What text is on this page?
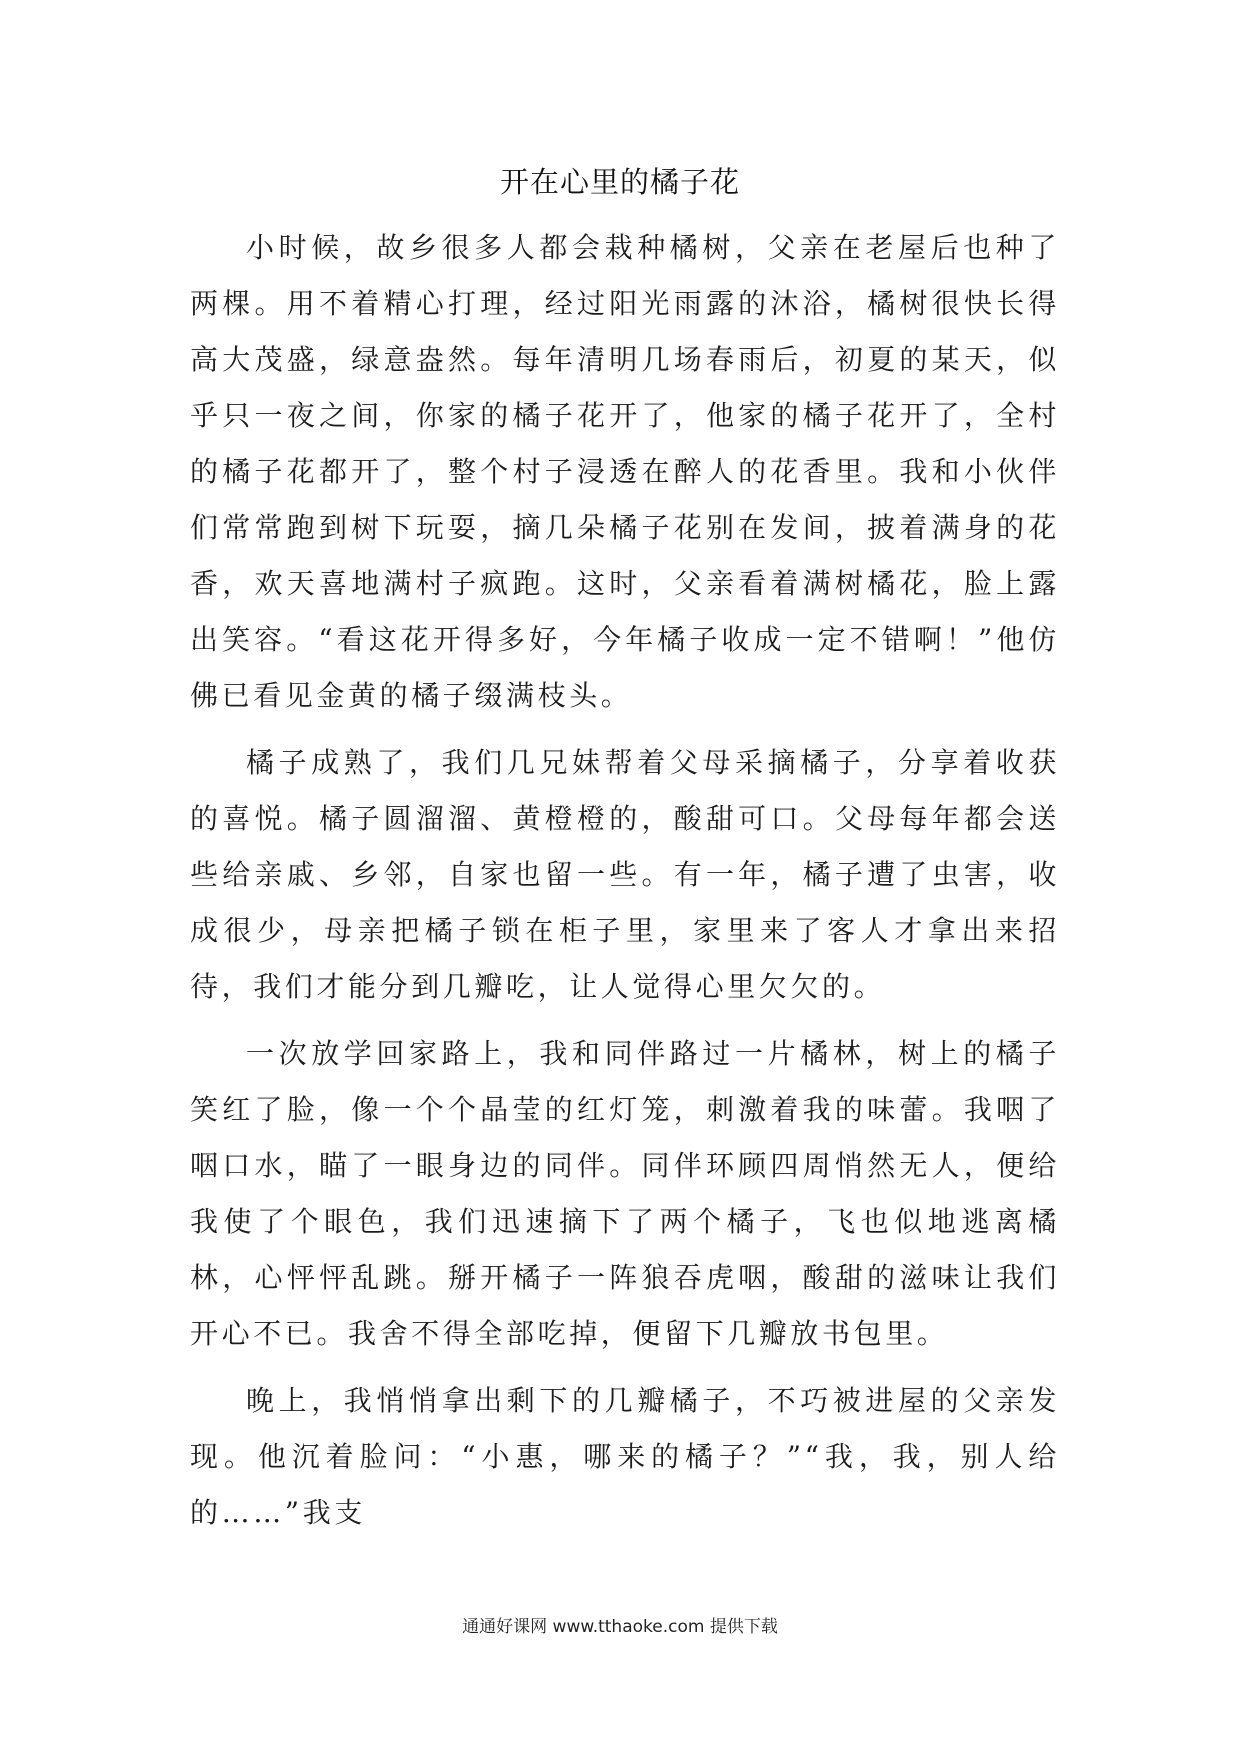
开在心里的橘子花

小时候，故乡很多人都会栽种橘树，父亲在老屋后也种了两棵。用不着精心打理，经过阳光雨露的沐浴，橘树很快长得高大茂盛，绿意盎然。每年清明几场春雨后，初夏的某天，似乎只一夜之间，你家的橘子花开了，他家的橘子花开了，全村的橘子花都开了，整个村子浸透在醉人的花香里。我和小伙伴们常常跑到树下玩耍，摘几朵橘子花别在发间，披着满身的花香，欢天喜地满村子疯跑。这时，父亲看着满树橘花，脸上露出笑容。“看这花开得多好，今年橘子收成一定不错啊！”他仿佛已看见金黄的橘子缀满枝头。

橘子成熟了，我们几兄妹帮着父母采摘橘子，分享着收获的喜悦。橘子圆溜溜、黄橙橙的，酸甜可口。父母每年都会送些给亲戚、乡邻，自家也留一些。有一年，橘子遭了虫害，收成很少，母亲把橘子锁在柜子里，家里来了客人才拿出来招待，我们才能分到几瓣吃，让人觉得心里欠欠的。

一次放学回家路上，我和同伴路过一片橘林，树上的橘子笑红了脸，像一个个晶莹的红灯笼，刺激着我的味蕾。我咽了咽口水，瞄了一眼身边的同伴。同伴环顾四周悄然无人，便给我使了个眼色，我们迅速摘下了两个橘子，飞也似地逃离橘林，心怦怦乱跳。掰开橘子一阵狼吞虎咽，酸甜的滋味让我们开心不已。我舍不得全部吃掉，便留下几瓣放书包里。

晚上，我悄悄拿出剩下的几瓣橘子，不巧被进屋的父亲发现。他沉着脸问：“小惠，哪来的橘子？”“我，我，别人给的……”我支

通通好课网 www.tthaoke.com 提供下载
